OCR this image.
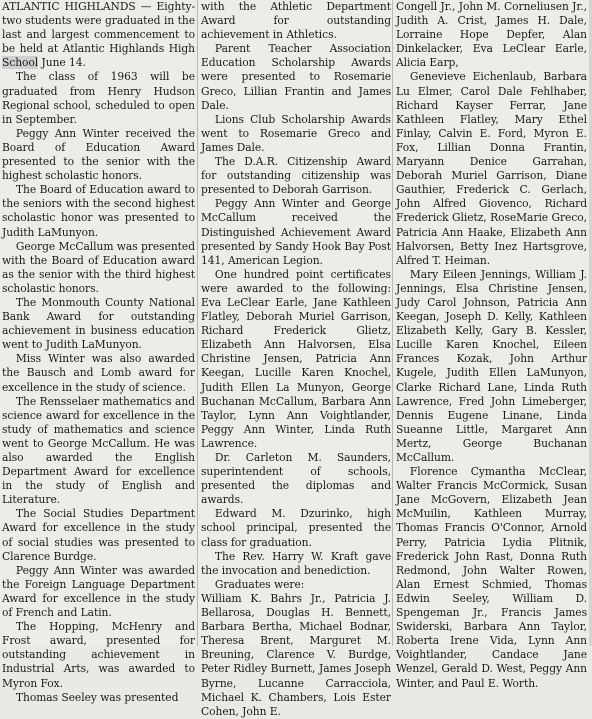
ATLANTIC HIGHLANDS — Eighty-two students were graduated in the last and largest commencement to be held at Atlantic Highlands High School June 14.

The class of 1963 will be graduated from Henry Hudson Regional school, scheduled to open in September.

Peggy Ann Winter received the Board of Education Award presented to the senior with the highest scholastic honors.

The Board of Education award to the seniors with the second highest scholastic honor was presented to Judith LaMunyon.

George McCallum was presented with the Board of Education award as the senior with the third highest scholastic honors.

The Monmouth County National Bank Award for outstanding achievement in business education went to Judith LaMunyon.

Miss Winter was also awarded the Bausch and Lomb award for excellence in the study of science.

The Rensselaer mathematics and science award for excellence in the study of mathematics and science went to George McCallum. He was also awarded the English Department Award for excellence in the study of English and Literature.

The Social Studies Department Award for excellence in the study of social studies was presented to Clarence Burdge.

Peggy Ann Winter was awarded the Foreign Language Department Award for excellence in the study of French and Latin.

The Hopping, McHenry and Frost award, presented for outstanding achievement in Industrial Arts, was awarded to Myron Fox.

Thomas Seeley was presented

with the Athletic Department Award for outstanding achievement in Athletics.

Parent Teacher Association Education Scholarship Awards were presented to Rosemarie Greco, Lillian Frantin and James Dale.

Lions Club Scholarship Awards went to Rosemarie Greco and James Dale.

The D.A.R. Citizenship Award for outstanding citizenship was presented to Deborah Garrison.

Peggy Ann Winter and George McCallum received the Distinguished Achievement Award presented by Sandy Hook Bay Post 141, American Legion.

One hundred point certificates were awarded to the following: Eva LeClear Earle, Jane Kathleen Flatley, Deborah Muriel Garrison, Richard Frederick Glietz, Elizabeth Ann Halvorsen, Elsa Christine Jensen, Patricia Ann Keegan, Lucille Karen Knochel, Judith Ellen La Munyon, George Buchanan McCallum, Barbara Ann Taylor, Lynn Ann Voightlander, Peggy Ann Winter, Linda Ruth Lawrence.

Dr. Carleton M. Saunders, superintendent of schools, presented the diplomas and awards.

Edward M. Dzurinko, high school principal, presented the class for graduation.

The Rev. Harry W. Kraft gave the invocation and benediction.

Graduates were:

William K. Bahrs Jr., Patricia J. Bellarosa, Douglas H. Bennett, Barbara Bertha, Michael Bodnar, Theresa Brent, Marguret M. Breuning, Clarence V. Burdge, Peter Ridley Burnett, James Joseph Byrne, Lucanne Carracciola, Michael K. Chambers, Lois Ester Cohen, John E.

Congell Jr., John M. Corneliusen Jr., Judith A. Crist, James H. Dale, Lorraine Hope Depfer, Alan Dinkelacker, Eva LeClear Earle, Alicia Earp,

Genevieve Eichenlaub, Barbara Lu Elmer, Carol Dale Fehlhaber, Richard Kayser Ferrar, Jane Kathleen Flatley, Mary Ethel Finlay, Calvin E. Ford, Myron E. Fox, Lillian Donna Frantin, Maryann Denice Garrahan, Deborah Muriel Garrison, Diane Gauthier, Frederick C. Gerlach, John Alfred Giovenco, Richard Frederick Glietz, RoseMarie Greco, Patricia Ann Haake, Elizabeth Ann Halvorsen, Betty Inez Hartsgrove, Alfred T. Heiman.

Mary Eileen Jennings, William J. Jennings, Elsa Christine Jensen, Judy Carol Johnson, Patricia Ann Keegan, Joseph D. Kelly, Kathleen Elizabeth Kelly, Gary B. Kessler, Lucille Karen Knochel, Eileen Frances Kozak, John Arthur Kugele, Judith Ellen LaMunyon, Clarke Richard Lane, Linda Ruth Lawrence, Fred John Limeberger, Dennis Eugene Linane, Linda Sueanne Little, Margaret Ann Mertz, George Buchanan McCallum.

Florence Cymantha McClear, Walter Francis McCormick, Susan Jane McGovern, Elizabeth Jean McMuilin, Kathleen Murray, Thomas Francis O'Connor, Arnold Perry, Patricia Lydia Plitnik, Frederick John Rast, Donna Ruth Redmond, John Walter Rowen, Alan Ernest Schmied, Thomas Edwin Seeley, William D. Spengeman Jr., Francis James Swiderski, Barbara Ann Taylor, Roberta Irene Vida, Lynn Ann Voightlander, Candace Jane Wenzel, Gerald D. West, Peggy Ann Winter, and Paul E. Worth.
